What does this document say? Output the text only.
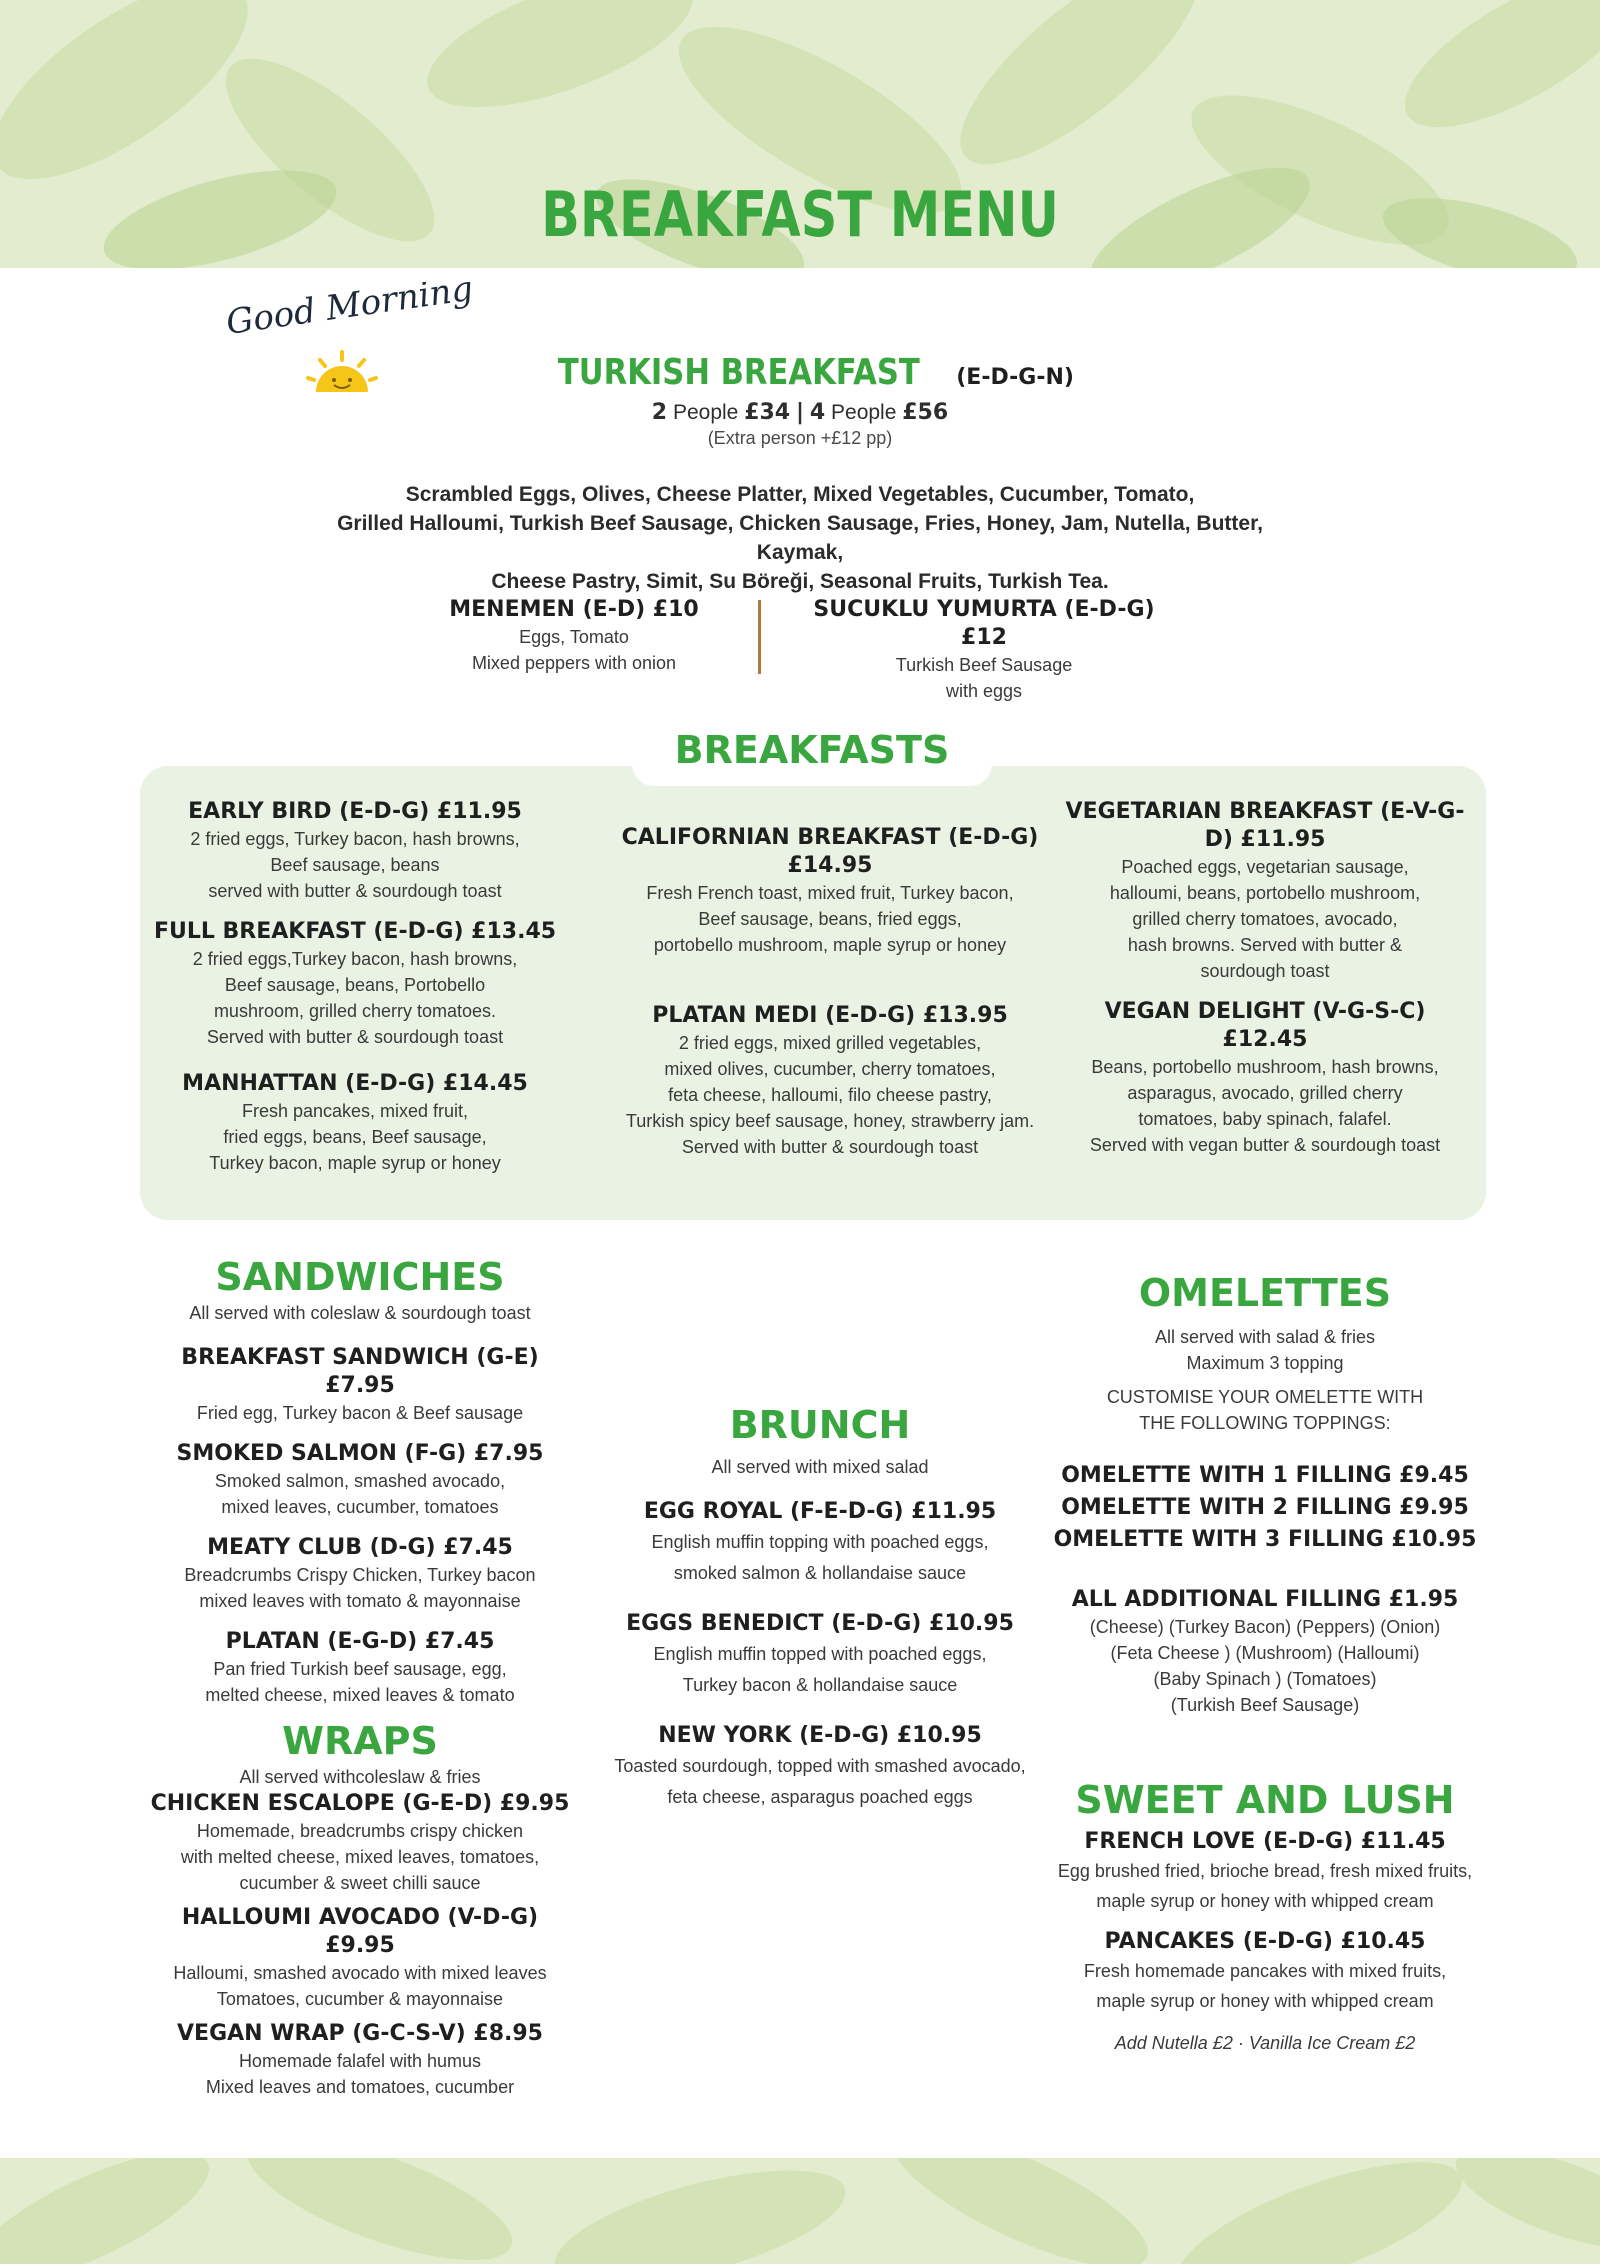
BREAKFAST MENU
Good Morning
TURKISH BREAKFAST (E-D-G-N)
2 People £34 | 4 People £56
(Extra person +£12 pp)
Scrambled Eggs, Olives, Cheese Platter, Mixed Vegetables, Cucumber, Tomato,
Grilled Halloumi, Turkish Beef Sausage, Chicken Sausage, Fries, Honey, Jam, Nutella, Butter, Kaymak,
Cheese Pastry, Simit, Su Böreği, Seasonal Fruits, Turkish Tea.

MENEMEN (E-D) £10

Eggs, Tomato

Mixed peppers with onion

SUCUKLU YUMURTA (E-D-G) £12

Turkish Beef Sausage

with eggs

BREAKFASTS

EARLY BIRD (E-D-G) £11.95

2 fried eggs, Turkey bacon, hash browns,

Beef sausage, beans

served with butter & sourdough toast

FULL BREAKFAST (E-D-G) £13.45

2 fried eggs,Turkey bacon, hash browns,

Beef sausage, beans, Portobello

mushroom, grilled cherry tomatoes.

Served with butter & sourdough toast

MANHATTAN (E-D-G) £14.45

Fresh pancakes, mixed fruit,

fried eggs, beans, Beef sausage,

Turkey bacon, maple syrup or honey

CALIFORNIAN BREAKFAST (E-D-G) £14.95

Fresh French toast, mixed fruit, Turkey bacon,

Beef sausage, beans, fried eggs,

portobello mushroom, maple syrup or honey

PLATAN MEDI (E-D-G) £13.95

2 fried eggs, mixed grilled vegetables,

mixed olives, cucumber, cherry tomatoes,

feta cheese, halloumi, filo cheese pastry,

Turkish spicy beef sausage, honey, strawberry jam.

Served with butter & sourdough toast

VEGETARIAN BREAKFAST (E-V-G-D) £11.95

Poached eggs, vegetarian sausage,

halloumi, beans, portobello mushroom,

grilled cherry tomatoes, avocado,

hash browns. Served with butter &

sourdough toast

VEGAN DELIGHT (V-G-S-C) £12.45

Beans, portobello mushroom, hash browns,

asparagus, avocado, grilled cherry

tomatoes, baby spinach, falafel.

Served with vegan butter & sourdough toast

SANDWICHES

All served with coleslaw & sourdough toast

BREAKFAST SANDWICH (G-E) £7.95

Fried egg, Turkey bacon & Beef sausage

SMOKED SALMON (F-G) £7.95

Smoked salmon, smashed avocado,

mixed leaves, cucumber, tomatoes

MEATY CLUB (D-G) £7.45

Breadcrumbs Crispy Chicken, Turkey bacon

mixed leaves with tomato & mayonnaise

PLATAN (E-G-D) £7.45

Pan fried Turkish beef sausage, egg,

melted cheese, mixed leaves & tomato

WRAPS

All served withcoleslaw & fries

CHICKEN ESCALOPE (G-E-D) £9.95

Homemade, breadcrumbs crispy chicken

with melted cheese, mixed leaves, tomatoes,

cucumber & sweet chilli sauce

HALLOUMI AVOCADO (V-D-G) £9.95

Halloumi, smashed avocado with mixed leaves

Tomatoes, cucumber & mayonnaise

VEGAN WRAP (G-C-S-V) £8.95

Homemade falafel with humus

Mixed leaves and tomatoes, cucumber

BRUNCH

All served with mixed salad

EGG ROYAL (F-E-D-G) £11.95

English muffin topping with poached eggs,

smoked salmon & hollandaise sauce

EGGS BENEDICT (E-D-G) £10.95

English muffin topped with poached eggs,

Turkey bacon & hollandaise sauce

NEW YORK (E-D-G) £10.95

Toasted sourdough, topped with smashed avocado,

feta cheese, asparagus poached eggs

OMELETTES

All served with salad & fries

Maximum 3 topping

CUSTOMISE YOUR OMELETTE WITH

THE FOLLOWING TOPPINGS:

OMELETTE WITH 1 FILLING £9.45

OMELETTE WITH 2 FILLING £9.95

OMELETTE WITH 3 FILLING £10.95

ALL ADDITIONAL FILLING £1.95

(Cheese) (Turkey Bacon) (Peppers) (Onion)

(Feta Cheese ) (Mushroom) (Halloumi)

(Baby Spinach ) (Tomatoes)

(Turkish Beef Sausage)

SWEET AND LUSH

FRENCH LOVE (E-D-G) £11.45

Egg brushed fried, brioche bread, fresh mixed fruits,

maple syrup or honey with whipped cream

PANCAKES (E-D-G) £10.45

Fresh homemade pancakes with mixed fruits,

maple syrup or honey with whipped cream

Add Nutella £2 · Vanilla Ice Cream £2
